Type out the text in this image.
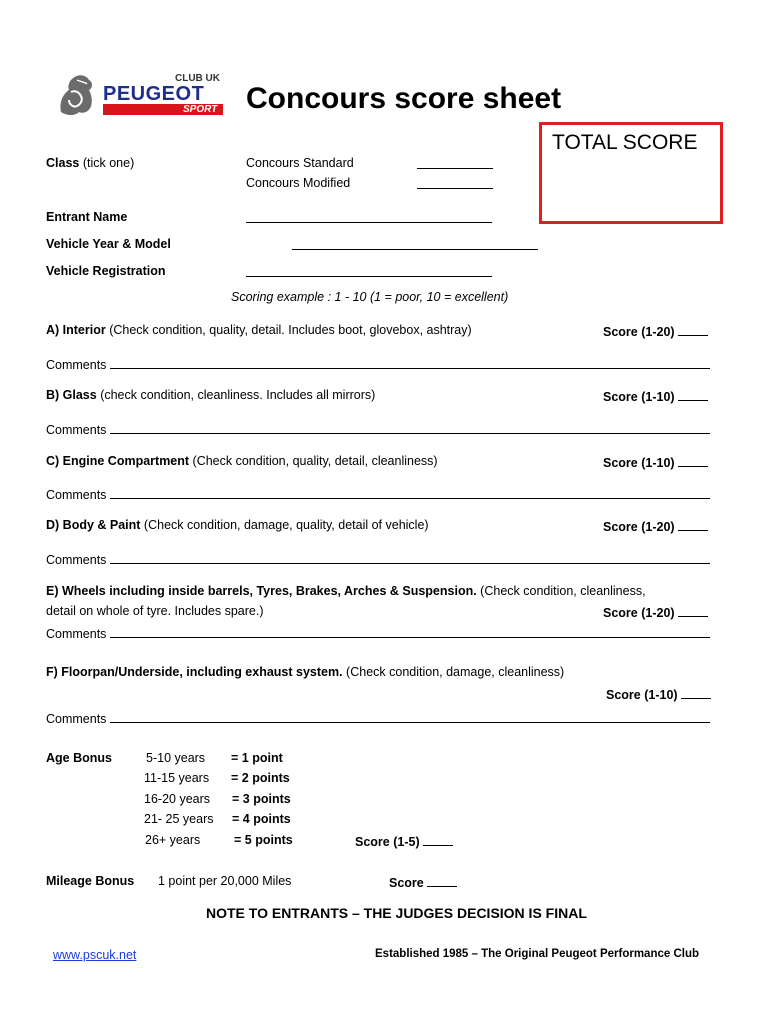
CLUB UK
PEUGEOT
SPORT Concours score sheet
TOTAL SCORE
Class (tick one)	Concours Standard
Concours Modified
Entrant Name
Vehicle Year & Model
Vehicle Registration
Scoring example : 1 - 10 (1 = poor, 10 = excellent)
A) Interior (Check condition, quality, detail. Includes boot, glovebox, ashtray)	Score (1-20)
Comments
B) Glass (check condition, cleanliness. Includes all mirrors)	Score (1-10)
Comments
C) Engine Compartment (Check condition, quality, detail, cleanliness)	Score (1-10)
Comments
D) Body & Paint (Check condition, damage, quality, detail of vehicle)	Score (1-20)
Comments
E) Wheels including inside barrels, Tyres, Brakes, Arches & Suspension. (Check condition, cleanliness,
detail on whole of tyre. Includes spare.)	Score (1-20)
Comments
F) Floorpan/Underside, including exhaust system. (Check condition, damage, cleanliness)
Score (1-10)
Comments
Age Bonus	5-10 years = 1 point
11-15 years = 2 points
16-20 years = 3 points
21- 25 years = 4 points
26+ years	= 5 points	Score (1-5)
Mileage Bonus 1 point per 20,000 Miles	Score
NOTE TO ENTRANTS – THE JUDGES DECISION IS FINAL
www.pscuk.net	Established 1985 – The Original Peugeot Performance Club
